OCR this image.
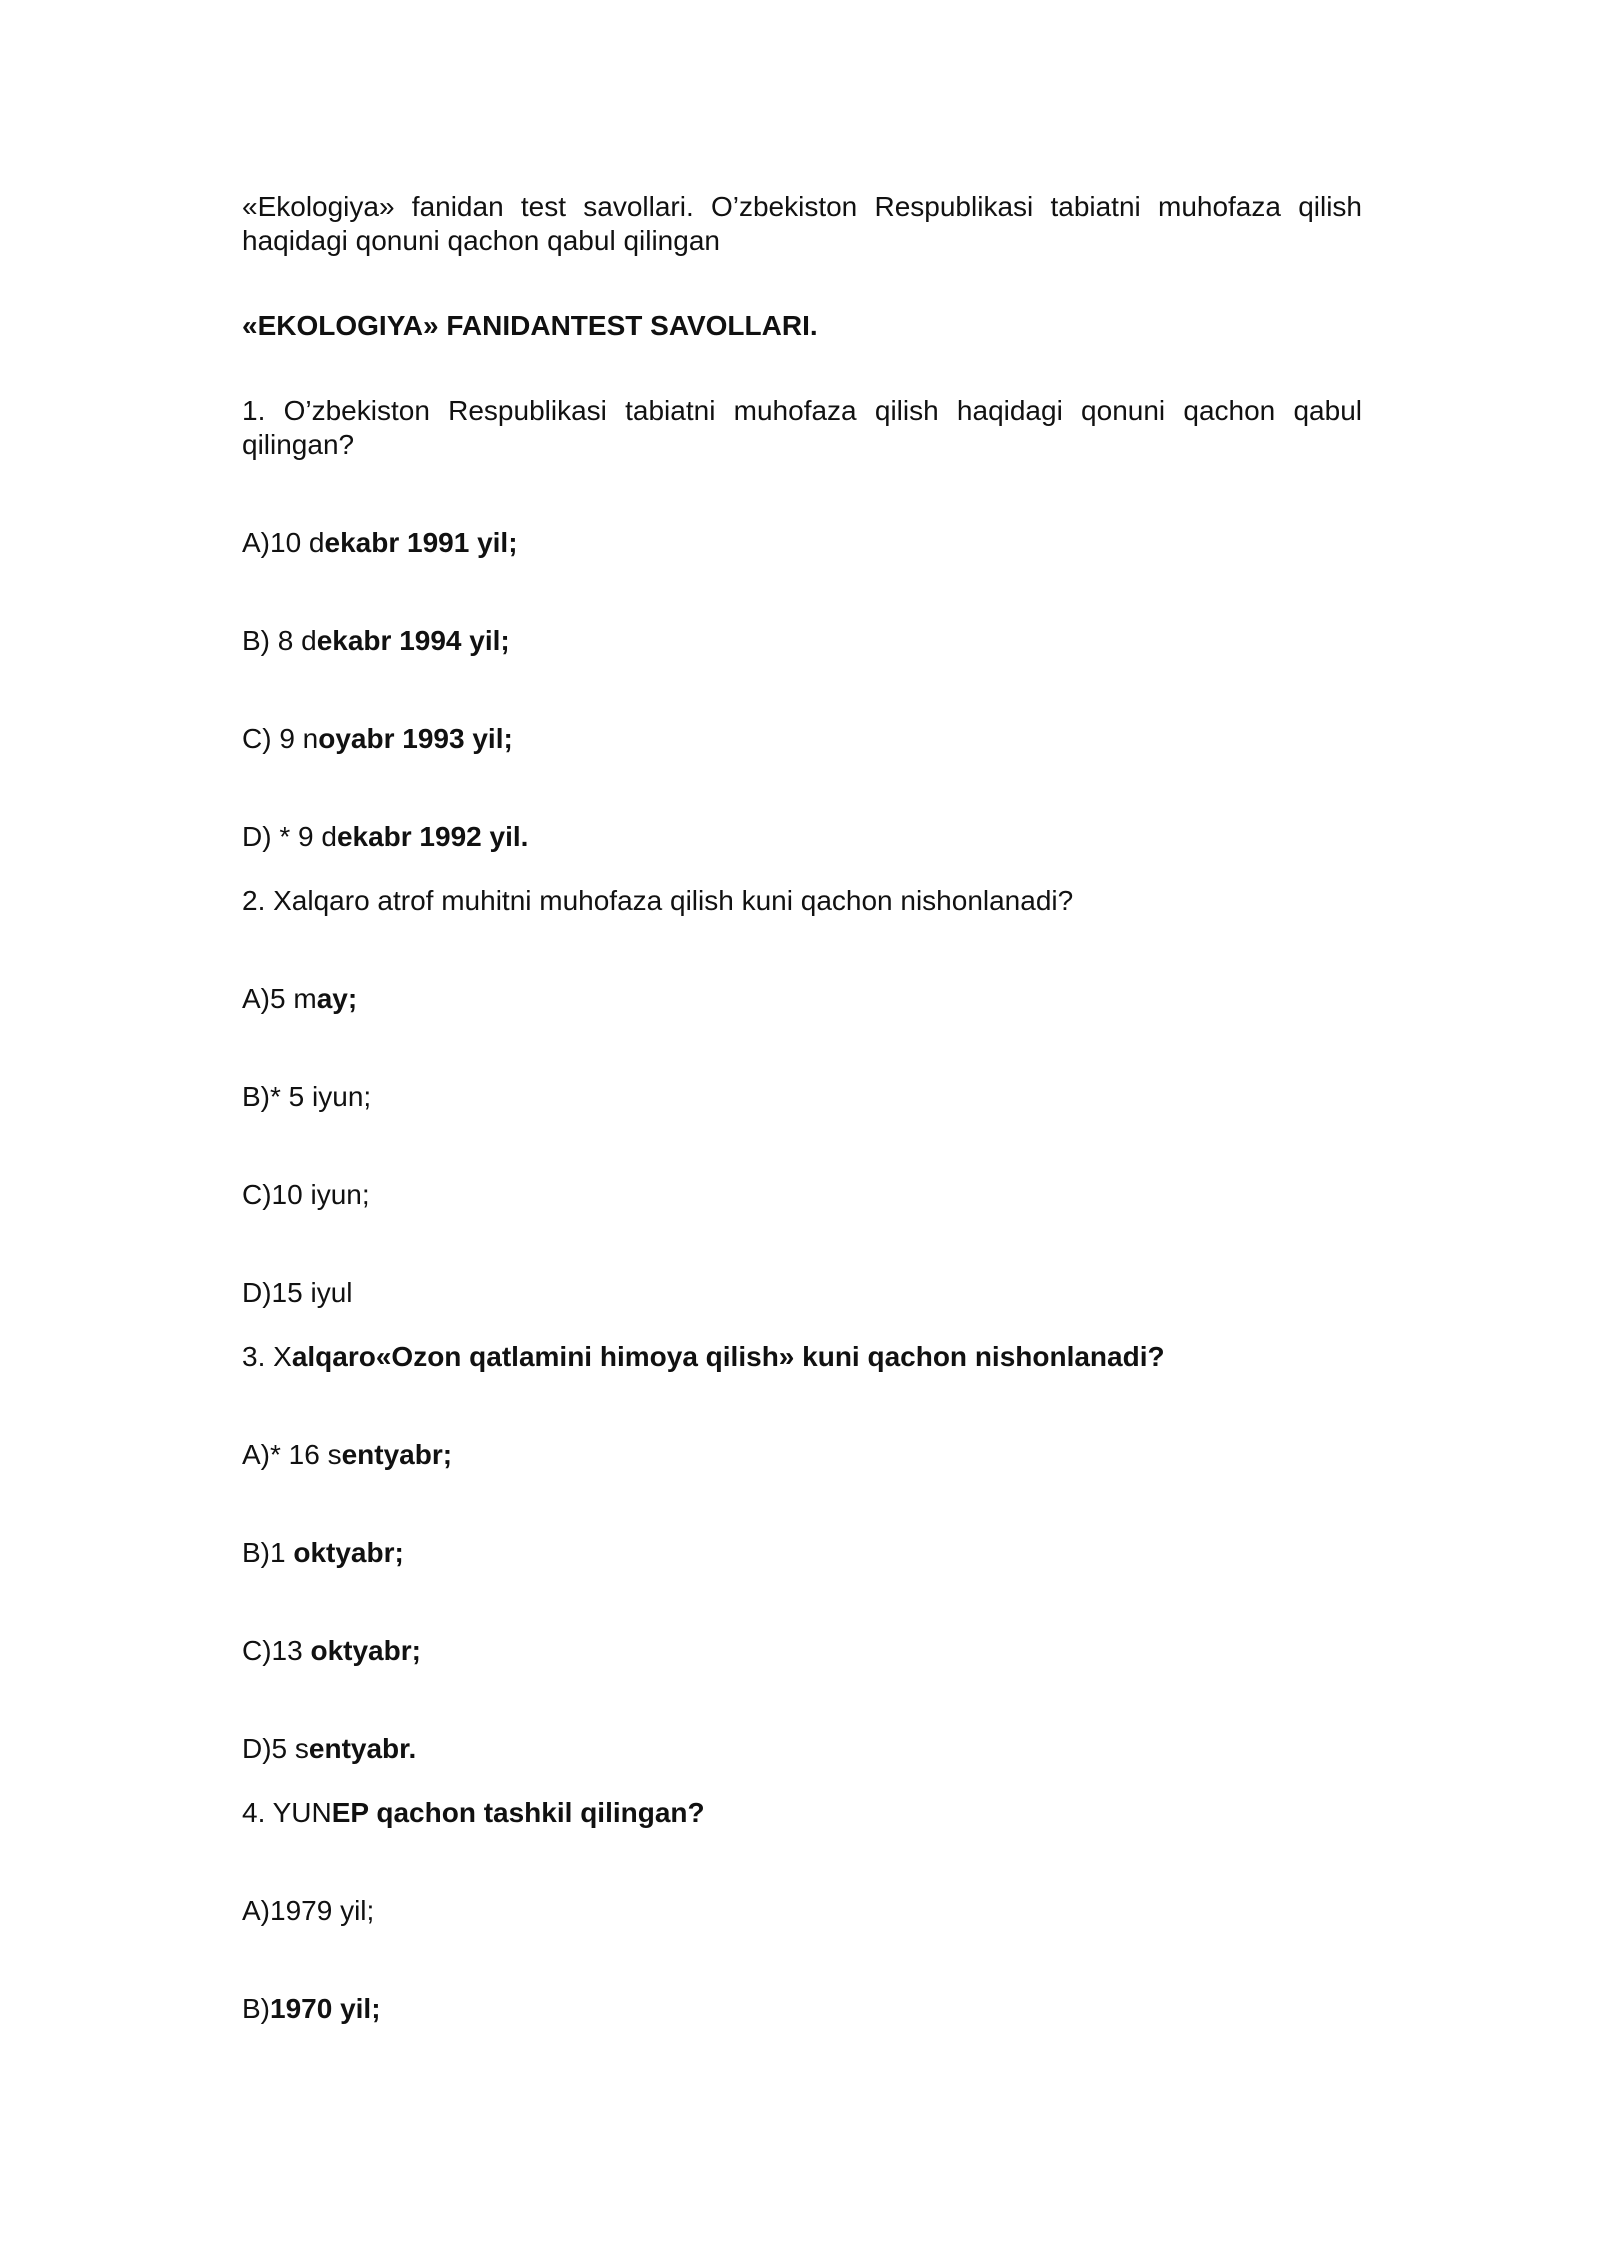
«Ekologiya» fanidan test savollari. O’zbekiston Respublikasi tabiatni muhofaza qilish haqidagi qonuni qachon qabul qilingan

«EKOLOGIYA» FANIDANTEST SAVOLLARI.

1. O’zbekiston Respublikasi tabiatni muhofaza qilish haqidagi qonuni qachon qabul qilingan?

A)10 dekabr 1991 yil;

B) 8 dekabr 1994 yil;

C) 9 noyabr 1993 yil;

D) * 9 dekabr 1992 yil.

2. Xalqaro atrof muhitni muhofaza qilish kuni qachon nishonlanadi?

A)5 may;

B)* 5 iyun;

C)10 iyun;

D)15 iyul

3. Xalqaro«Ozon qatlamini himoya qilish» kuni qachon nishonlanadi?

A)* 16 sentyabr;

B)1 oktyabr;

C)13 oktyabr;

D)5 sentyabr.

4. YUNEP qachon tashkil qilingan?

A)1979 yil;

B)1970 yil;
